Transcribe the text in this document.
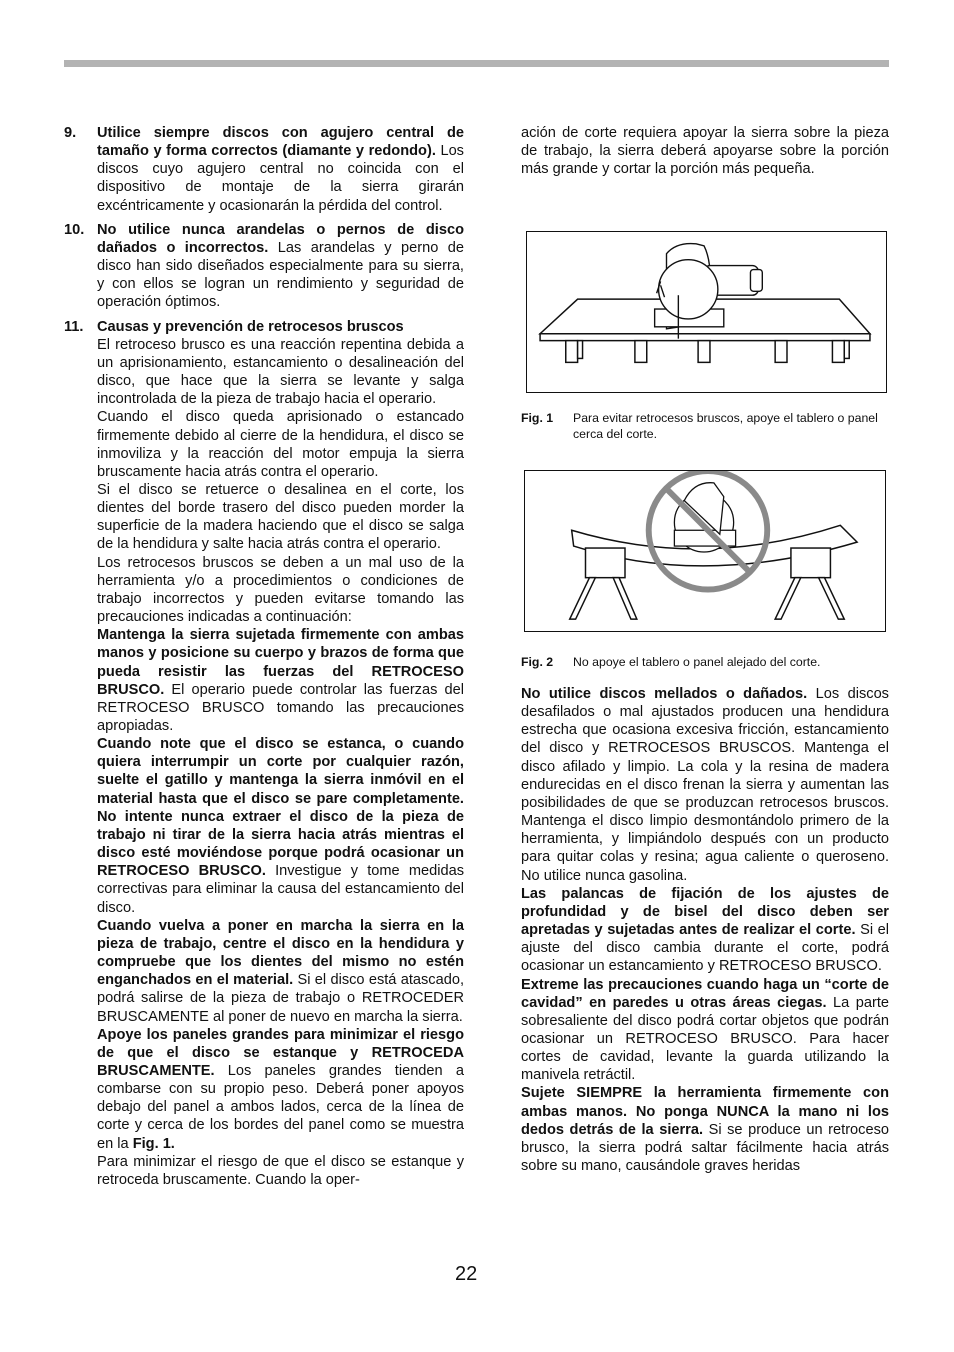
9.	Utilice siempre discos con agujero central de tamaño y forma correctos (diamante y redondo). Los discos cuyo agujero central no coincida con el dispositivo de montaje de la sierra girarán excéntricamente y ocasionarán la pérdida del control.

10. No utilice nunca arandelas o pernos de disco dañados o incorrectos. Las arandelas y perno de disco han sido diseñados especialmente para su sierra, y con ellos se logran un rendimiento y seguridad de operación óptimos.

11. Causas y prevención de retrocesos bruscos

El retroceso brusco es una reacción repentina debida a un aprisionamiento, estancamiento o desalineación del disco, que hace que la sierra se levante y salga incontrolada de la pieza de trabajo hacia el operario.

Cuando el disco queda aprisionado o estancado firmemente debido al cierre de la hendidura, el disco se inmoviliza y la reacción del motor empuja la sierra bruscamente hacia atrás contra el operario.

Si el disco se retuerce o desalinea en el corte, los dientes del borde trasero del disco pueden morder la superficie de la madera haciendo que el disco se salga de la hendidura y salte hacia atrás contra el operario.

Los retrocesos bruscos se deben a un mal uso de la herramienta y/o a procedimientos o condiciones de trabajo incorrectos y pueden evitarse tomando las precauciones indicadas a continuación:

Mantenga la sierra sujetada firmemente con ambas manos y posicione su cuerpo y brazos de forma que pueda resistir las fuerzas del RETROCESO BRUSCO. El operario puede controlar las fuerzas del RETROCESO BRUSCO tomando las precauciones apropiadas.

Cuando note que el disco se estanca, o cuando quiera interrumpir un corte por cualquier razón, suelte el gatillo y mantenga la sierra inmóvil en el material hasta que el disco se pare completamente. No intente nunca extraer el disco de la pieza de trabajo ni tirar de la sierra hacia atrás mientras el disco esté moviéndose porque podrá ocasionar un RETROCESO BRUSCO. Investigue y tome medidas correctivas para eliminar la causa del estancamiento del disco.

Cuando vuelva a poner en marcha la sierra en la pieza de trabajo, centre el disco en la hendidura y compruebe que los dientes del mismo no estén enganchados en el material. Si el disco está atascado, podrá salirse de la pieza de trabajo o RETROCEDER BRUSCAMENTE al poner de nuevo en marcha la sierra.

Apoye los paneles grandes para minimizar el riesgo de que el disco se estanque y RETROCEDA BRUSCAMENTE. Los paneles grandes tienden a combarse con su propio peso. Deberá poner apoyos debajo del panel a ambos lados, cerca de la línea de corte y cerca de los bordes del panel como se muestra en la Fig. 1.

Para minimizar el riesgo de que el disco se estanque y retroceda bruscamente. Cuando la oper-

ación de corte requiera apoyar la sierra sobre la pieza de trabajo, la sierra deberá apoyarse sobre la porción más grande y cortar la porción más pequeña.

Fig. 1	Para evitar retrocesos bruscos, apoye el tablero o panel cerca del corte.
Fig. 2	No apoye el tablero o panel alejado del corte.

No utilice discos mellados o dañados. Los discos desafilados o mal ajustados producen una hendidura estrecha que ocasiona excesiva fricción, estancamiento del disco y RETROCESOS BRUSCOS. Mantenga el disco afilado y limpio. La cola y la resina de madera endurecidas en el disco frenan la sierra y aumentan las posibilidades de que se produzcan retrocesos bruscos. Mantenga el disco limpio desmontándolo primero de la herramienta, y limpiándolo después con un producto para quitar colas y resina; agua caliente o queroseno. No utilice nunca gasolina.

Las palancas de fijación de los ajustes de profundidad y de bisel del disco deben ser apretadas y sujetadas antes de realizar el corte. Si el ajuste del disco cambia durante el corte, podrá ocasionar un estancamiento y RETROCESO BRUSCO.

Extreme las precauciones cuando haga un “corte de cavidad” en paredes u otras áreas ciegas. La parte sobresaliente del disco podrá cortar objetos que podrán ocasionar un RETROCESO BRUSCO. Para hacer cortes de cavidad, levante la guarda utilizando la manivela retráctil.

Sujete SIEMPRE la herramienta firmemente con ambas manos. No ponga NUNCA la mano ni los dedos detrás de la sierra. Si se produce un retroceso brusco, la sierra podrá saltar fácilmente hacia atrás sobre su mano, causándole graves heridas

22
